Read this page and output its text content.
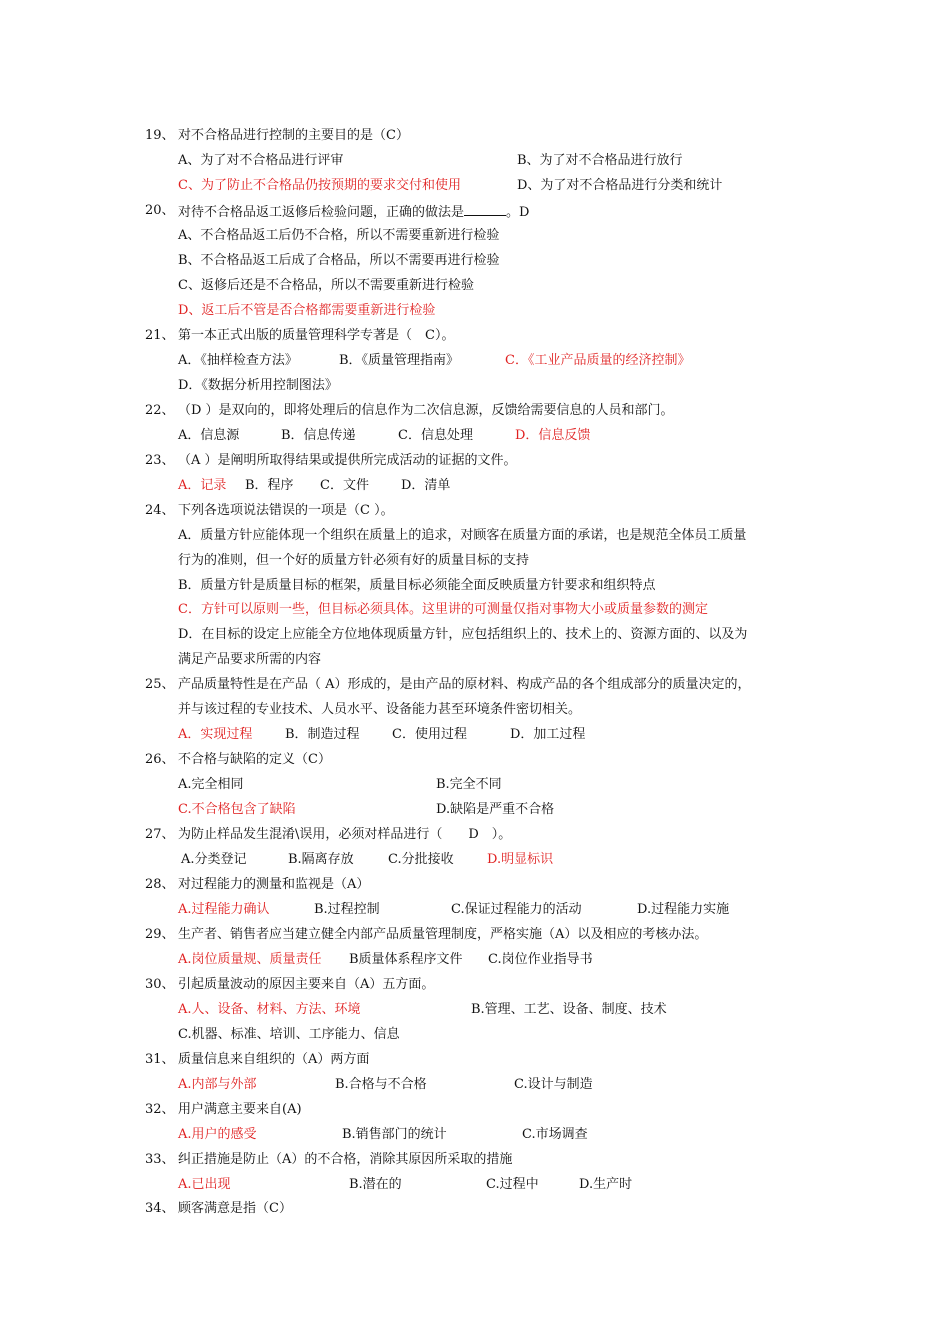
19、 对不合格品进行控制的主要目的是（C）
A、为了对不合格品进行评审	B、为了对不合格品进行放行
C、为了防止不合格品仍按预期的要求交付和使用	D、为了对不合格品进行分类和统计
20、 对待不合格品返工返修后检验问题，正确的做法是	。D
A、不合格品返工后仍不合格，所以不需要重新进行检验
B、不合格品返工后成了合格品，所以不需要再进行检验
C、返修后还是不合格品，所以不需要重新进行检验
D、返工后不管是否合格都需要重新进行检验
21、 第一本正式出版的质量管理科学专著是（　C）。
A．《抽样检查方法》	B．《质量管理指南》	C．《工业产品质量的经济控制》
D．《数据分析用控制图法》
22、 （D ）是双向的，即将处理后的信息作为二次信息源，反馈给需要信息的人员和部门。
A．信息源	B．信息传递	C．信息处理	D．信息反馈
23、 （A ）是阐明所取得结果或提供所完成活动的证据的文件。
A．记录 B．程序 C．文件 D．清单
24、 下列各选项说法错误的一项是（C ）。
A．质量方针应能体现一个组织在质量上的追求，对顾客在质量方面的承诺，也是规范全体员工质量
行为的准则，但一个好的质量方针必须有好的质量目标的支持
B．质量方针是质量目标的框架，质量目标必须能全面反映质量方针要求和组织特点
C．方针可以原则一些，但目标必须具体。这里讲的可测量仅指对事物大小或质量参数的测定
D．在目标的设定上应能全方位地体现质量方针，应包括组织上的、技术上的、资源方面的、以及为
满足产品要求所需的内容
25、 产品质量特性是在产品（ A）形成的，是由产品的原材料、构成产品的各个组成部分的质量决定的，
并与该过程的专业技术、人员水平、设备能力甚至环境条件密切相关。
A．实现过程	B．制造过程 C．使用过程	D．加工过程
26、 不合格与缺陷的定义（C）
A.完全相同	B.完全不同
C.不合格包含了缺陷	D.缺陷是严重不合格
27、 为防止样品发生混淆\误用，必须对样品进行（　　D　）。
A.分类登记	B.隔离存放	C.分批接收	D.明显标识
28、 对过程能力的测量和监视是（A）
A.过程能力确认	B.过程控制	C.保证过程能力的活动	D.过程能力实施
29、 生产者、销售者应当建立健全内部产品质量管理制度，严格实施（A）以及相应的考核办法。
A.岗位质量规、质量责任 B质量体系程序文件 C.岗位作业指导书
30、 引起质量波动的原因主要来自（A）五方面。
A.人、设备、材料、方法、环境	B.管理、工艺、设备、制度、技术
C.机器、标准、培训、工序能力、信息
31、 质量信息来自组织的（A）两方面
A.内部与外部	B.合格与不合格	C.设计与制造
32、 用户满意主要来自(A)
A.用户的感受	B.销售部门的统计	C.市场调查
33、 纠正措施是防止（A）的不合格，消除其原因所采取的措施
A.已出现	B.潜在的	C.过程中	D.生产时
34、 顾客满意是指（C）
